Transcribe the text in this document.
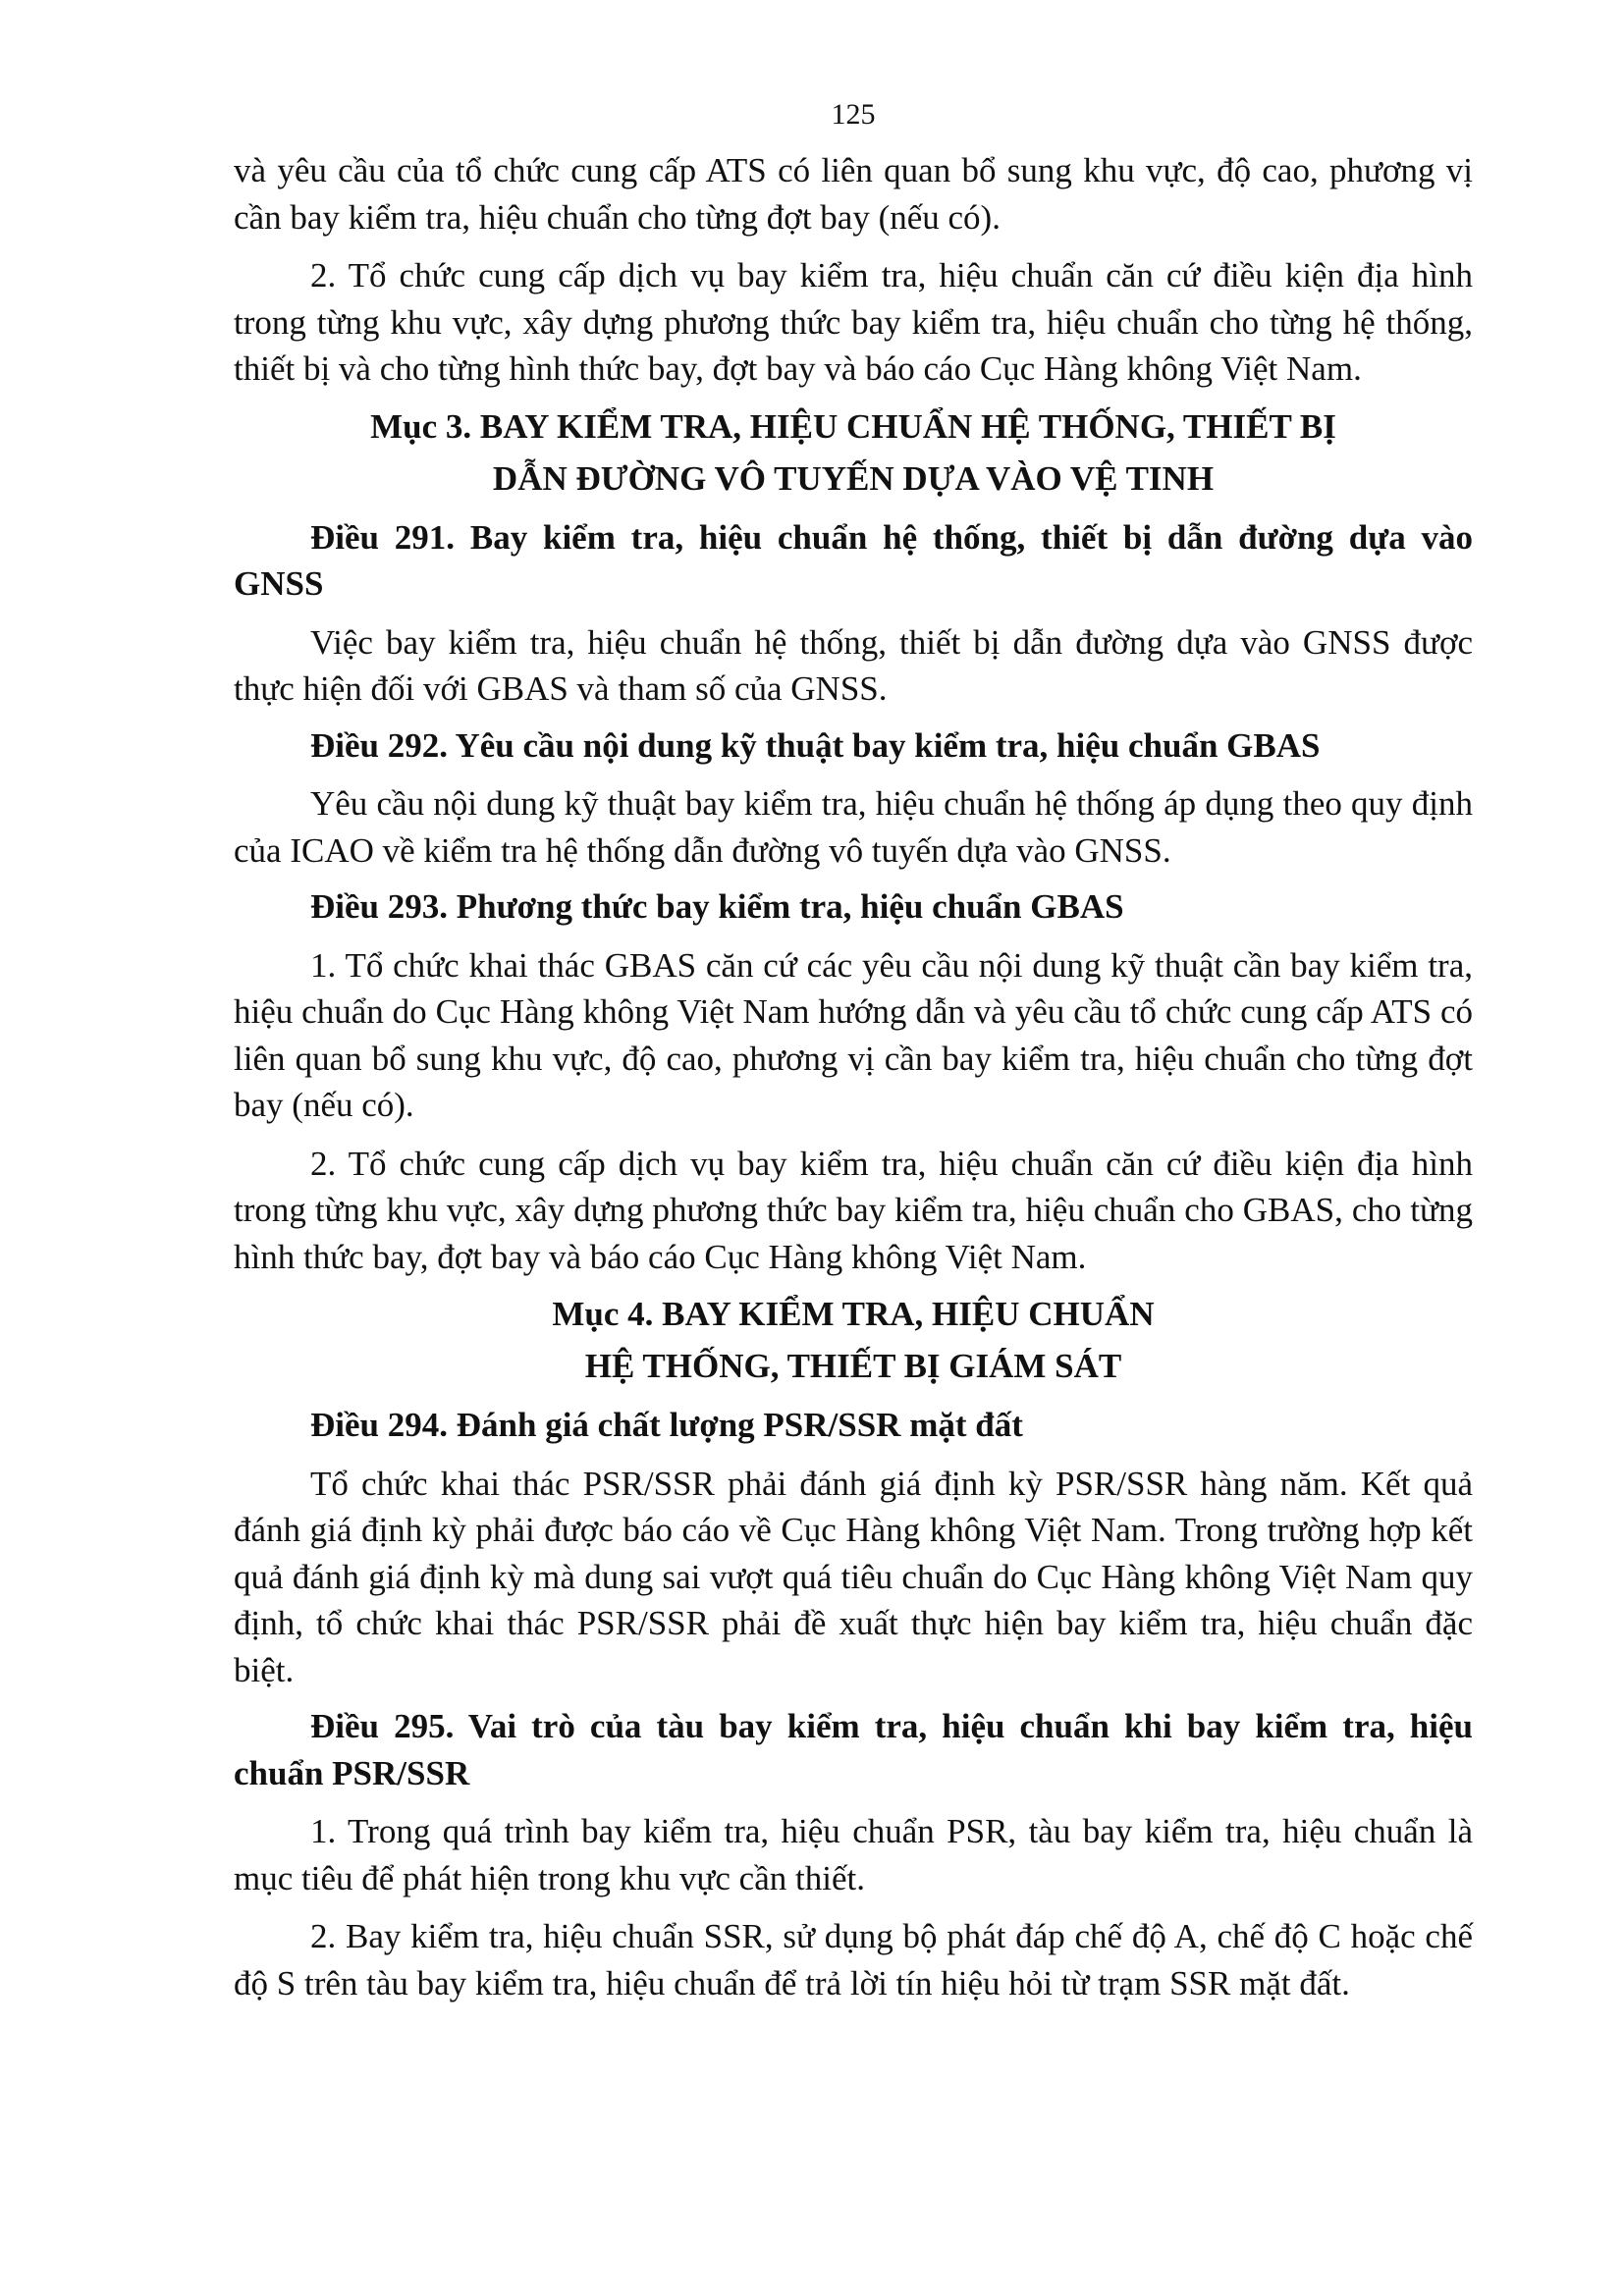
125

và yêu cầu của tổ chức cung cấp ATS có liên quan bổ sung khu vực, độ cao, phương vị cần bay kiểm tra, hiệu chuẩn cho từng đợt bay (nếu có).

2. Tổ chức cung cấp dịch vụ bay kiểm tra, hiệu chuẩn căn cứ điều kiện địa hình trong từng khu vực, xây dựng phương thức bay kiểm tra, hiệu chuẩn cho từng hệ thống, thiết bị và cho từng hình thức bay, đợt bay và báo cáo Cục Hàng không Việt Nam.

Mục 3. BAY KIỂM TRA, HIỆU CHUẨN HỆ THỐNG, THIẾT BỊ
DẪN ĐƯỜNG VÔ TUYẾN DỰA VÀO VỆ TINH
Điều 291. Bay kiểm tra, hiệu chuẩn hệ thống, thiết bị dẫn đường dựa vào GNSS

Việc bay kiểm tra, hiệu chuẩn hệ thống, thiết bị dẫn đường dựa vào GNSS được thực hiện đối với GBAS và tham số của GNSS.

Điều 292. Yêu cầu nội dung kỹ thuật bay kiểm tra, hiệu chuẩn GBAS

Yêu cầu nội dung kỹ thuật bay kiểm tra, hiệu chuẩn hệ thống áp dụng theo quy định của ICAO về kiểm tra hệ thống dẫn đường vô tuyến dựa vào GNSS.

Điều 293. Phương thức bay kiểm tra, hiệu chuẩn GBAS

1. Tổ chức khai thác GBAS căn cứ các yêu cầu nội dung kỹ thuật cần bay kiểm tra, hiệu chuẩn do Cục Hàng không Việt Nam hướng dẫn và yêu cầu tổ chức cung cấp ATS có liên quan bổ sung khu vực, độ cao, phương vị cần bay kiểm tra, hiệu chuẩn cho từng đợt bay (nếu có).

2. Tổ chức cung cấp dịch vụ bay kiểm tra, hiệu chuẩn căn cứ điều kiện địa hình trong từng khu vực, xây dựng phương thức bay kiểm tra, hiệu chuẩn cho GBAS, cho từng hình thức bay, đợt bay và báo cáo Cục Hàng không Việt Nam.

Mục 4. BAY KIỂM TRA, HIỆU CHUẨN
HỆ THỐNG, THIẾT BỊ GIÁM SÁT
Điều 294. Đánh giá chất lượng PSR/SSR mặt đất

Tổ chức khai thác PSR/SSR phải đánh giá định kỳ PSR/SSR hàng năm. Kết quả đánh giá định kỳ phải được báo cáo về Cục Hàng không Việt Nam. Trong trường hợp kết quả đánh giá định kỳ mà dung sai vượt quá tiêu chuẩn do Cục Hàng không Việt Nam quy định, tổ chức khai thác PSR/SSR phải đề xuất thực hiện bay kiểm tra, hiệu chuẩn đặc biệt.

Điều 295. Vai trò của tàu bay kiểm tra, hiệu chuẩn khi bay kiểm tra, hiệu chuẩn PSR/SSR

1. Trong quá trình bay kiểm tra, hiệu chuẩn PSR, tàu bay kiểm tra, hiệu chuẩn là mục tiêu để phát hiện trong khu vực cần thiết.

2. Bay kiểm tra, hiệu chuẩn SSR, sử dụng bộ phát đáp chế độ A, chế độ C hoặc chế độ S trên tàu bay kiểm tra, hiệu chuẩn để trả lời tín hiệu hỏi từ trạm SSR mặt đất.
